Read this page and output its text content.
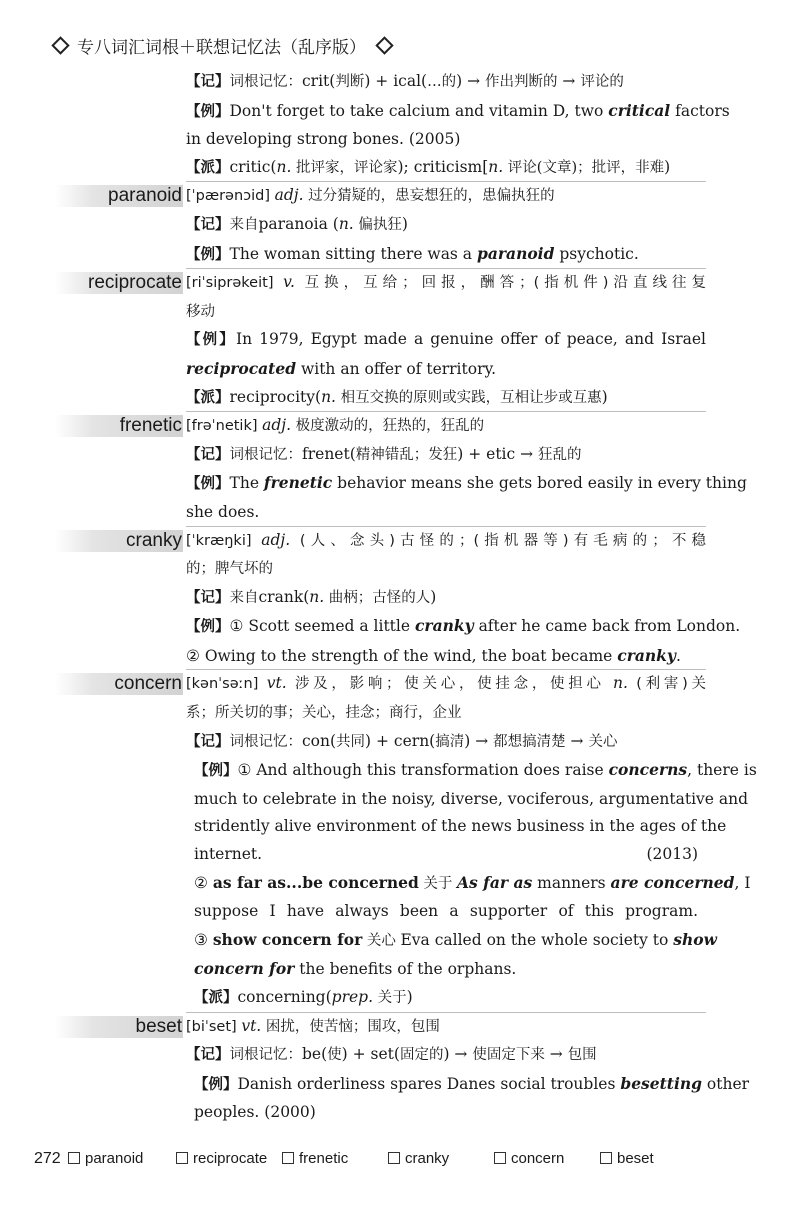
专八词汇词根＋联想记忆法（乱序版）
【记】词根记忆：crit(判断) + ical(…的) → 作出判断的 → 评论的
【例】Don't forget to take calcium and vitamin D, two critical factors
in developing strong bones. (2005)
【派】critic(n. 批评家，评论家); criticism[n. 评论(文章)；批评，非难)
paranoid [ˈpærənɔid] adj. 过分猜疑的，患妄想狂的，患偏执狂的
【记】来自paranoia (n. 偏执狂)
【例】The woman sitting there was a paranoid psychotic.
reciprocate [riˈsiprəkeit] v. 互换，互给；回报，酬答；(指机件)沿直线往复
移动
【例】In 1979, Egypt made a genuine offer of peace, and Israel
reciprocated with an offer of territory.
【派】reciprocity(n. 相互交换的原则或实践，互相让步或互惠)
frenetic [frəˈnetik] adj. 极度激动的，狂热的，狂乱的
【记】词根记忆：frenet(精神错乱；发狂) + etic → 狂乱的
【例】The frenetic behavior means she gets bored easily in every thing
she does.
cranky [ˈkræŋki] adj. (人、念头)古怪的；(指机器等)有毛病的；不稳
的；脾气坏的
【记】来自crank(n. 曲柄；古怪的人)
【例】① Scott seemed a little cranky after he came back from London.
② Owing to the strength of the wind, the boat became cranky.
concern [kənˈsəːn] vt. 涉及，影响；使关心，使挂念，使担心 n. (利害)关
系；所关切的事；关心，挂念；商行，企业
【记】词根记忆：con(共同) + cern(搞清) → 都想搞清楚 → 关心
【例】① And although this transformation does raise concerns, there is
much to celebrate in the noisy, diverse, vociferous, argumentative and
stridently alive environment of the news business in the ages of the
internet. (2013)
② as far as...be concerned 关于 As far as manners are concerned, I
suppose I have always been a supporter of this program.
③ show concern for 关心 Eva called on the whole society to show
concern for the benefits of the orphans.
【派】concerning(prep. 关于)
beset [biˈset] vt. 困扰，使苦恼；围攻，包围
【记】词根记忆：be(使) + set(固定的) → 使固定下来 → 包围
【例】Danish orderliness spares Danes social troubles besetting other
peoples. (2000)
272	paranoid	reciprocate	frenetic	cranky	concern	beset
